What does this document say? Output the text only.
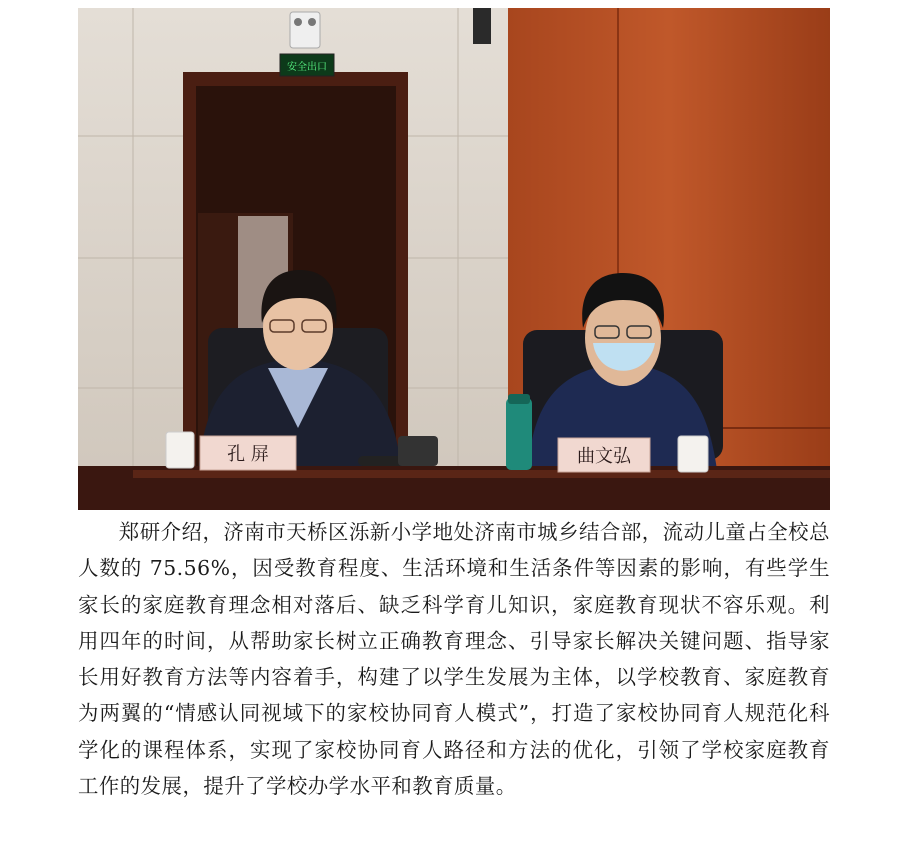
安全出口
孔 屏	曲文弘

郑研介绍，济南市天桥区泺新小学地处济南市城乡结合部，流动儿童占全校总人数的 75.56%，因受教育程度、生活环境和生活条件等因素的影响，有些学生家长的家庭教育理念相对落后、缺乏科学育儿知识，家庭教育现状不容乐观。利用四年的时间，从帮助家长树立正确教育理念、引导家长解决关键问题、指导家长用好教育方法等内容着手，构建了以学生发展为主体，以学校教育、家庭教育为两翼的“情感认同视域下的家校协同育人模式”，打造了家校协同育人规范化科学化的课程体系，实现了家校协同育人路径和方法的优化，引领了学校家庭教育工作的发展，提升了学校办学水平和教育质量。
